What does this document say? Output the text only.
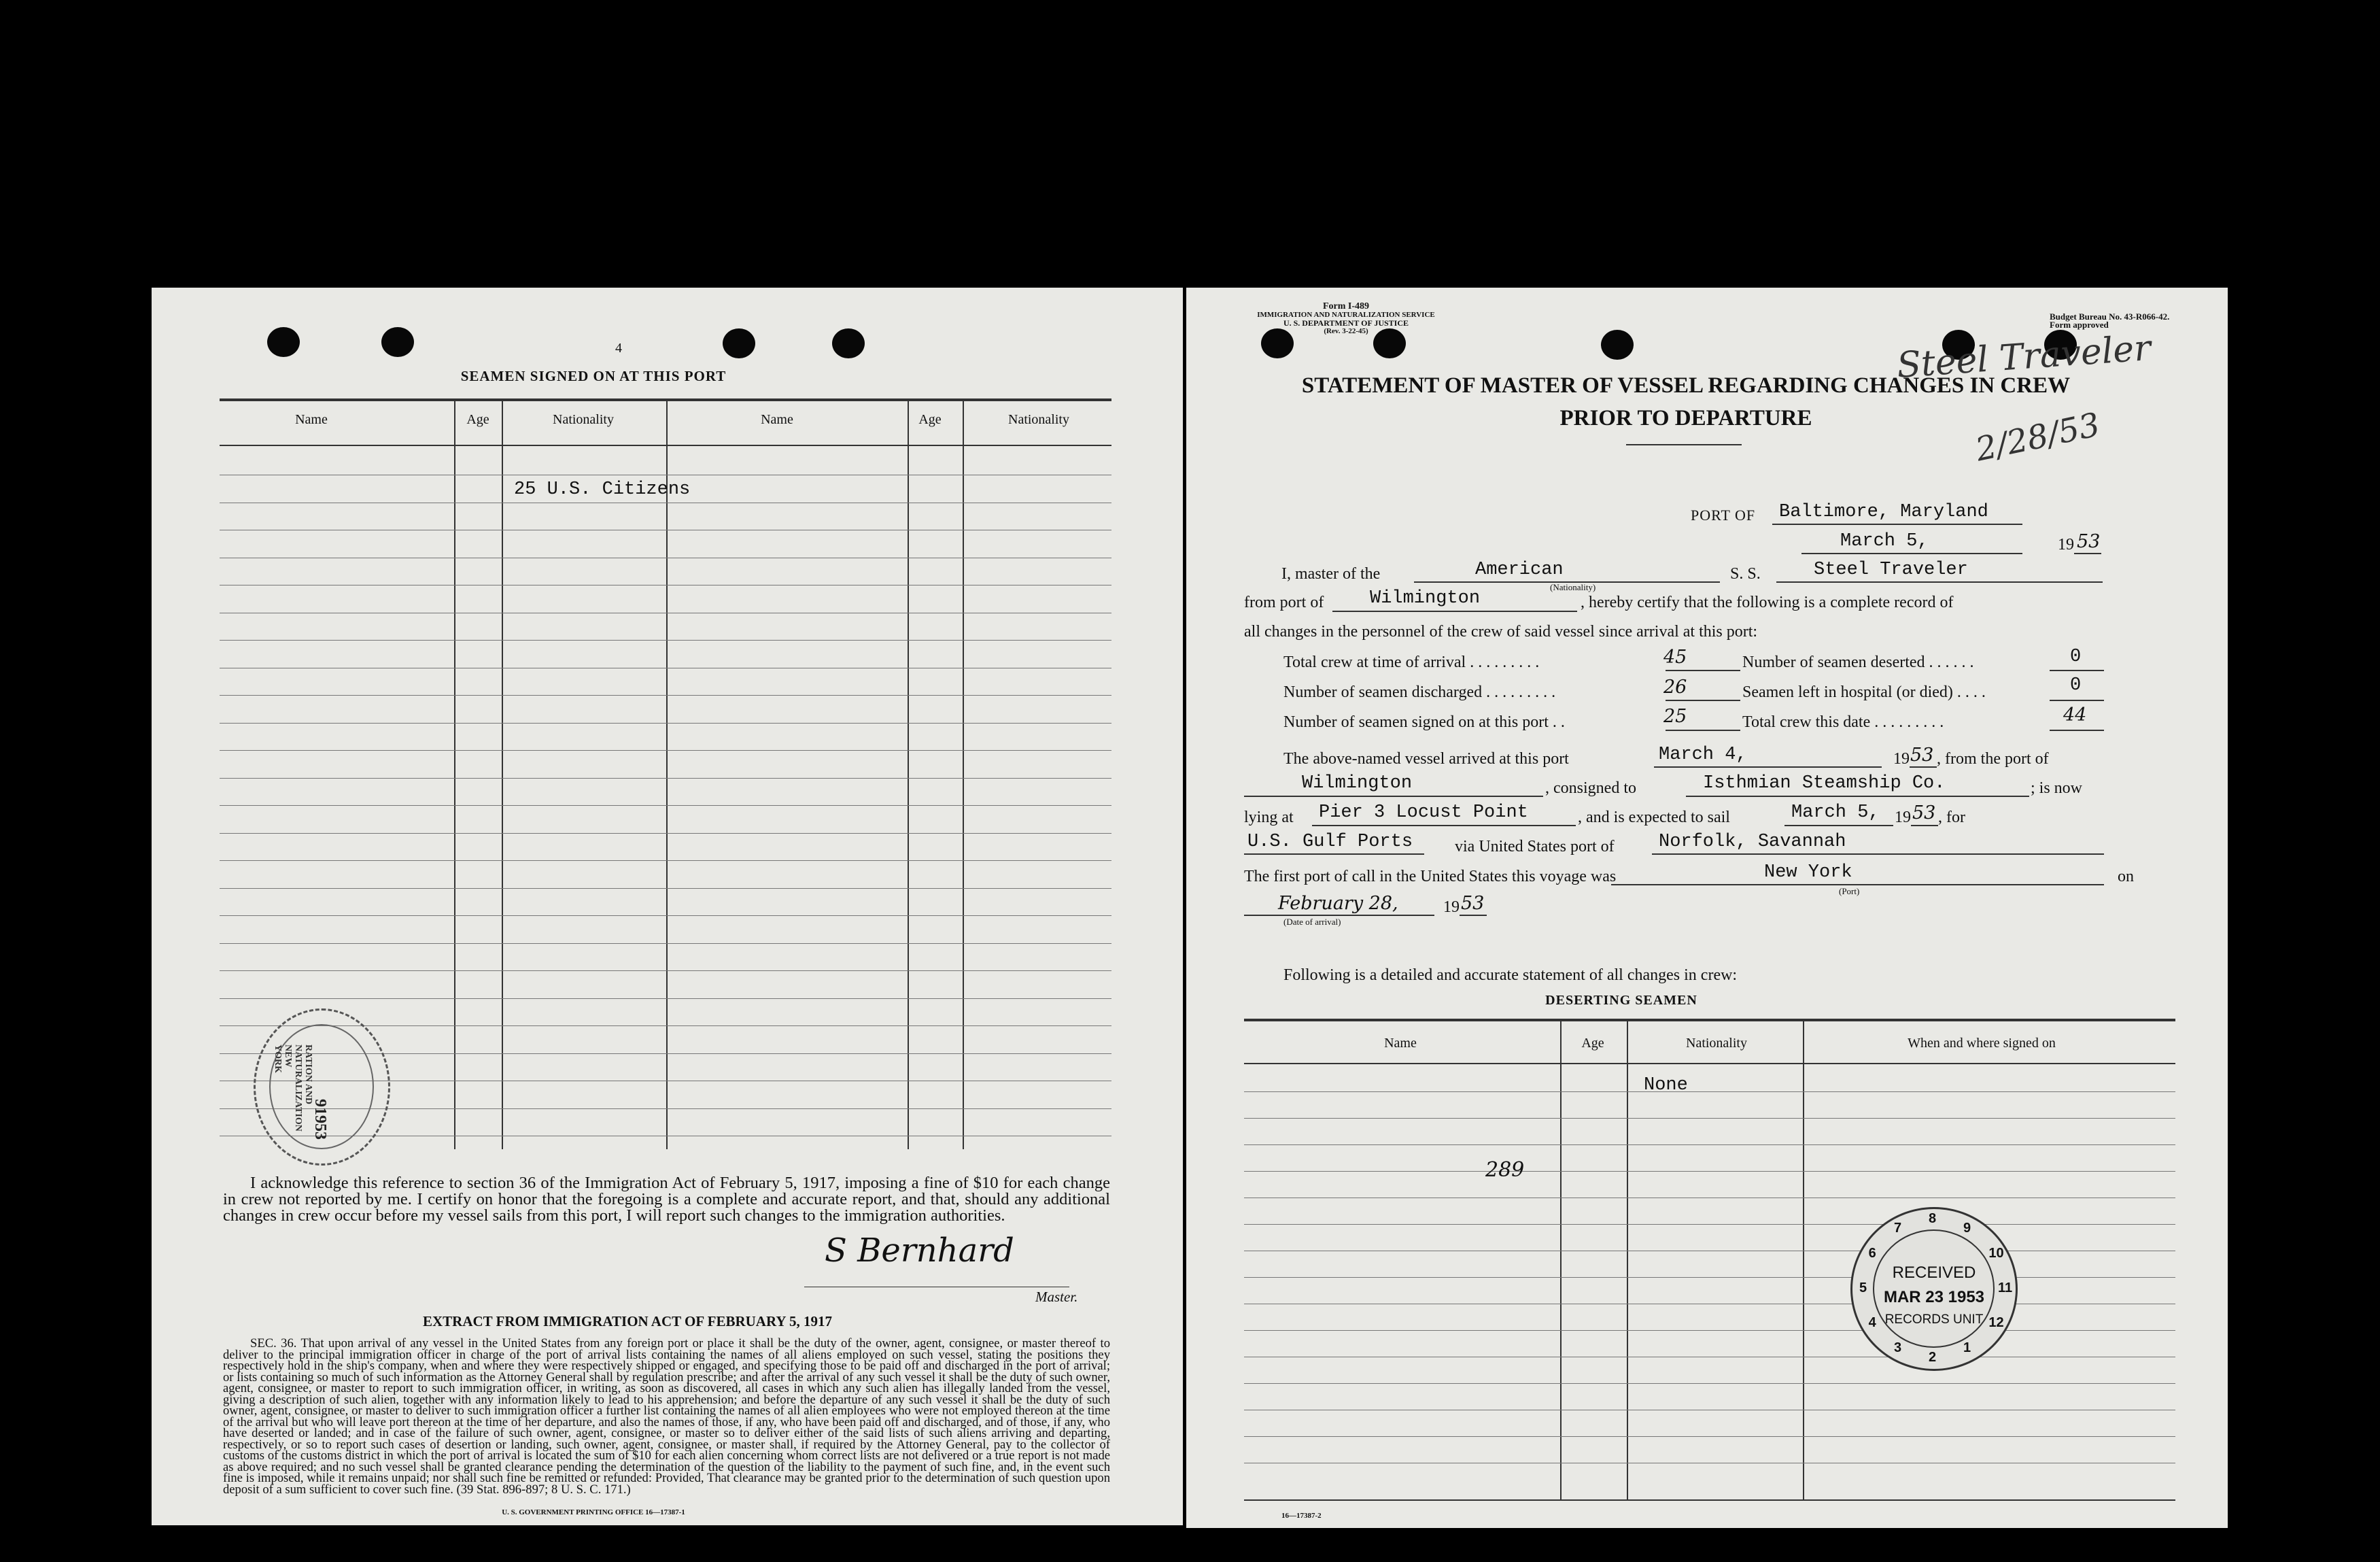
4
SEAMEN SIGNED ON AT THIS PORT
Name	Age	Nationality	Name	Age	Nationality
25 U.S. Citizens
I acknowledge this reference to section 36 of the Immigration Act of February 5, 1917, imposing a fine of $10 for each change in crew not reported by me. I certify on honor that the foregoing is a complete and accurate report, and that, should any additional changes in crew occur before my vessel sails from this port, I will report such changes to the immigration authorities.
S Bernhard
Master.
EXTRACT FROM IMMIGRATION ACT OF FEBRUARY 5, 1917
SEC. 36. That upon arrival of any vessel in the United States from any foreign port or place it shall be the duty of the owner, agent, consignee, or master thereof to deliver to the principal immigration officer in charge of the port of arrival lists containing the names of all aliens employed on such vessel, stating the positions they respectively hold in the ship's company, when and where they were respectively shipped or engaged, and specifying those to be paid off and discharged in the port of arrival; or lists containing so much of such information as the Attorney General shall by regulation prescribe; and after the arrival of any such vessel it shall be the duty of such owner, agent, consignee, or master to report to such immigration officer, in writing, as soon as discovered, all cases in which any such alien has illegally landed from the vessel, giving a description of such alien, together with any information likely to lead to his apprehension; and before the departure of any such vessel it shall be the duty of such owner, agent, consignee, or master to deliver to such immigration officer a further list containing the names of all alien employees who were not employed thereon at the time of the arrival but who will leave port thereon at the time of her departure, and also the names of those, if any, who have been paid off and discharged, and of those, if any, who have deserted or landed; and in case of the failure of such owner, agent, consignee, or master so to deliver either of the said lists of such aliens arriving and departing, respectively, or so to report such cases of desertion or landing, such owner, agent, consignee, or master shall, if required by the Attorney General, pay to the collector of customs of the customs district in which the port of arrival is located the sum of $10 for each alien concerning whom correct lists are not delivered or a true report is not made as above required; and no such vessel shall be granted clearance pending the determination of the question of the liability to the payment of such fine, and, in the event such fine is imposed, while it remains unpaid; nor shall such fine be remitted or refunded: Provided, That clearance may be granted prior to the determination of such question upon deposit of a sum sufficient to cover such fine. (39 Stat. 896-897; 8 U. S. C. 171.)
U. S. GOVERNMENT PRINTING OFFICE 16—17387-1
RATION AND
NATURALIZATION
NEW
YORK
91953
Form I-489
IMMIGRATION AND NATURALIZATION SERVICE
U. S. DEPARTMENT OF JUSTICE
(Rev. 3-22-45)
Budget Bureau No. 43-R066-42.
Form approved
Steel Traveler
2/28/53
STATEMENT OF MASTER OF VESSEL REGARDING CHANGES IN CREW
PRIOR TO DEPARTURE
PORT OF Baltimore, Maryland
March 5,	19 53
I, master of the	American
(Nationality)
S. S.	Steel Traveler
from port of	Wilmington	, hereby certify that the following is a complete record of
all changes in the personnel of the crew of said vessel since arrival at this port:
Total crew at time of arrival . . . . . . . . .	45	Number of seamen deserted . . . . . .	0
Number of seamen discharged . . . . . . . . .	26	Seamen left in hospital (or died) . . . .	0
Number of seamen signed on at this port . .	25	Total crew this date . . . . . . . . .	44
The above-named vessel arrived at this port	March 4,	19 53 , from the port of
Wilmington	, consigned to	Isthmian Steamship Co.	; is now
lying at Pier 3 Locust Point	, and is expected to sail	March 5, 19 53 , for
U.S. Gulf Ports	via United States port of Norfolk, Savannah
The first port of call in the United States this voyage was	New York
(Port)
on
February 28,
(Date of arrival)
19 53
Following is a detailed and accurate statement of all changes in crew:
DESERTING SEAMEN
Name	Age	Nationality	When and where signed on
None
289
9
10
11
12
1
2
3
4
5
6
7
8
RECEIVED
MAR 23 1953
RECORDS UNIT
16—17387-2
